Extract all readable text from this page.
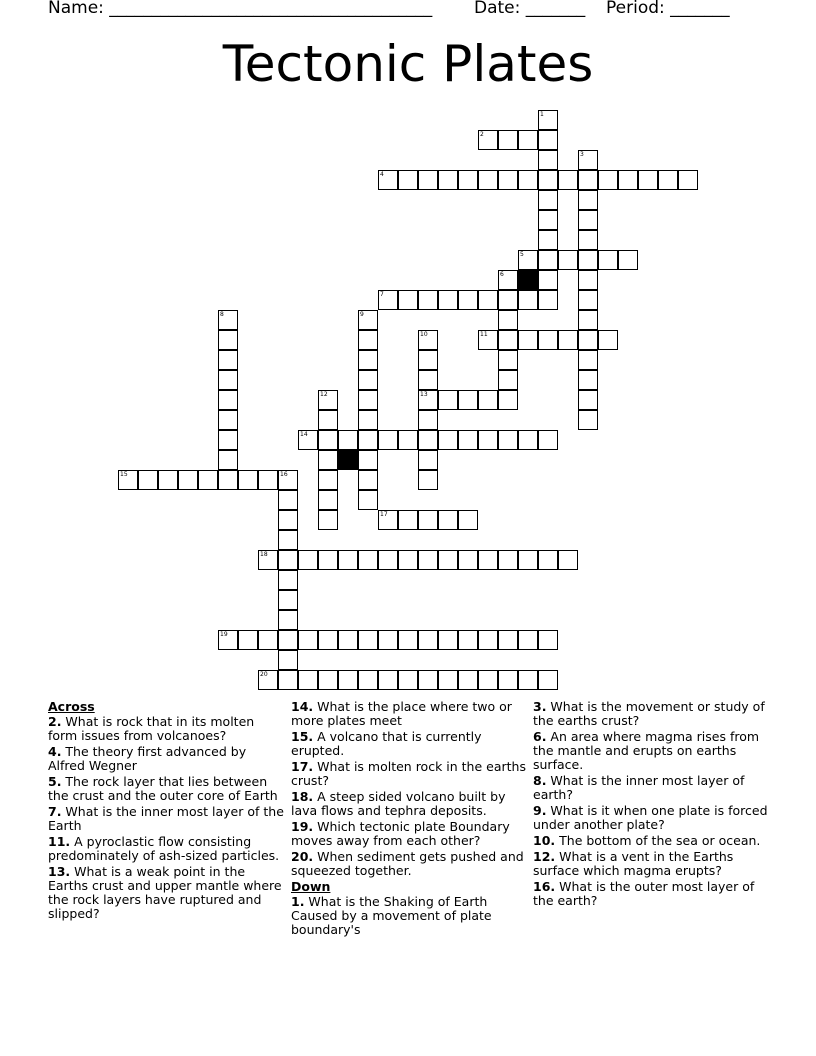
Name: ______________________________________ Date: _______ Period: _______
Tectonic Plates
1
2
3
4
5
6
7
8	9
10
13
11
12
14
15	16
17
18
19
20
Across
2. What is rock that in its molten form issues from volcanoes?
4. The theory first advanced by Alfred Wegner
5. The rock layer that lies between the crust and the outer core of Earth
7. What is the inner most layer of the Earth
11. A pyroclastic flow consisting predominately of ash-sized particles.
13. What is a weak point in the Earths crust and upper mantle where the rock layers have ruptured and slipped?
14. What is the place where two or more plates meet
15. A volcano that is currently erupted.
17. What is molten rock in the earths crust?
18. A steep sided volcano built by lava flows and tephra deposits.
19. Which tectonic plate Boundary moves away from each other?
20. When sediment gets pushed and squeezed together.
Down
1. What is the Shaking of Earth Caused by a movement of plate boundary's
3. What is the movement or study of the earths crust?
6. An area where magma rises from the mantle and erupts on earths surface.
8. What is the inner most layer of earth?
9. What is it when one plate is forced under another plate?
10. The bottom of the sea or ocean.
12. What is a vent in the Earths surface which magma erupts?
16. What is the outer most layer of the earth?
